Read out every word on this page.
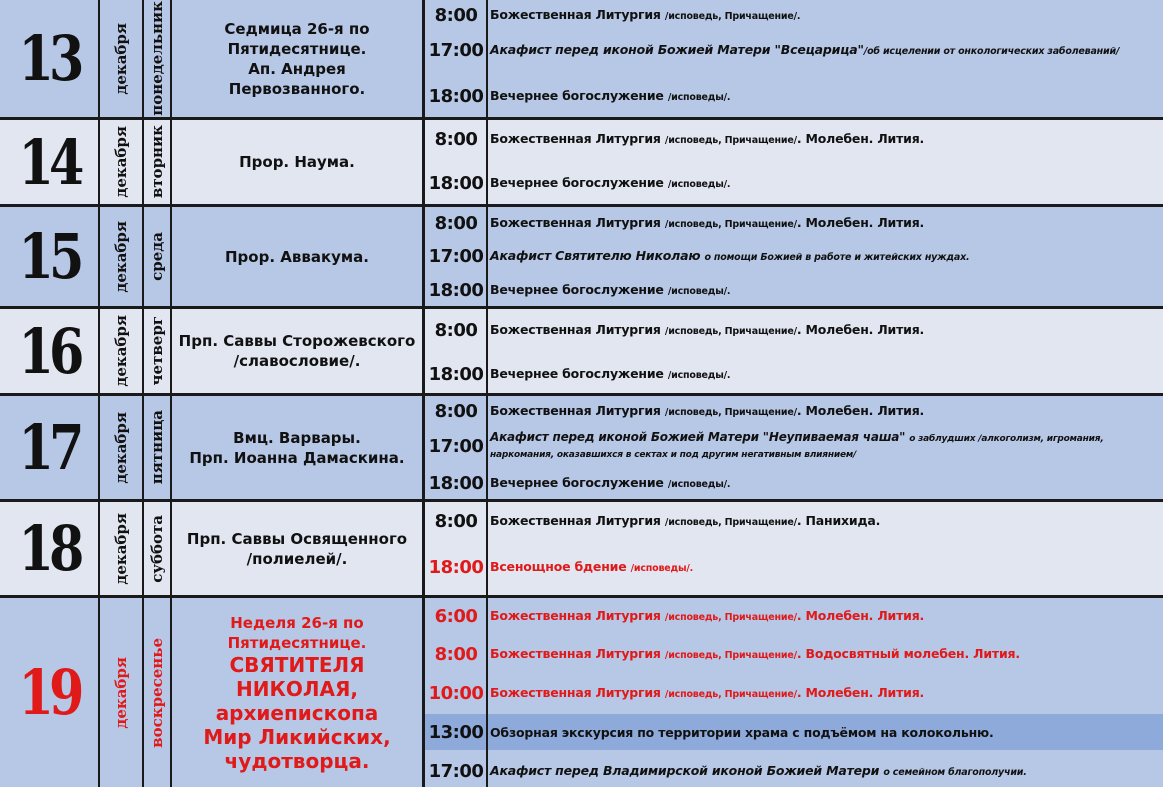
13	декабря понедельник	Седмица 26-я по
Пятидесятнице.
Ап. Андрея
Первозванного.
8:00	Божественная Литургия /исповедь, Причащение/.
17:00 Акафист перед иконой Божией Матери "Всецарица"/об исцелении от онкологических заболеваний/
18:00 Вечернее богослужение /исповеды/.
14	декабря вторник	Прор. Наума.
8:00	Божественная Литургия /исповедь, Причащение/. Молебен. Лития.
18:00 Вечернее богослужение /исповеды/.
15	декабря среда	Прор. Аввакума.
8:00	Божественная Литургия /исповедь, Причащение/. Молебен. Лития.
17:00 Акафист Святителю Николаю о помощи Божией в работе и житейских нуждах.
18:00 Вечернее богослужение /исповеды/.
16	декабря четверг Прп. Саввы Сторожевского
/славословие/.
8:00	Божественная Литургия /исповедь, Причащение/. Молебен. Лития.
18:00 Вечернее богослужение /исповеды/.
17	декабря пятница	Вмц. Варвары.
Прп. Иоанна Дамаскина.
8:00	Божественная Литургия /исповедь, Причащение/. Молебен. Лития.
17:00 Акафист перед иконой Божией Матери "Неупиваемая чаша" о заблудших /алкоголизм, игромания, наркомания, оказавшихся в сектах и под другим негативным влиянием/
18:00 Вечернее богослужение /исповеды/.
18	декабря суббота Прп. Саввы Освященного
/полиелей/.
8:00	Божественная Литургия /исповедь, Причащение/. Панихида.
18:00 Всенощное бдение /исповеды/.
19	декабря воскресенье
Неделя 26-я по
Пятидесятнице.
СВЯТИТЕЛЯ НИКОЛАЯ,
архиепископа
Мир Ликийских,
чудотворца.
6:00	Божественная Литургия /исповедь, Причащение/. Молебен. Лития.
8:00	Божественная Литургия /исповедь, Причащение/. Водосвятный молебен. Лития.
10:00 Божественная Литургия /исповедь, Причащение/. Молебен. Лития.
13:00 Обзорная экскурсия по территории храма с подъёмом на колокольню.
17:00 Акафист перед Владимирской иконой Божией Матери о семейном благополучии.
